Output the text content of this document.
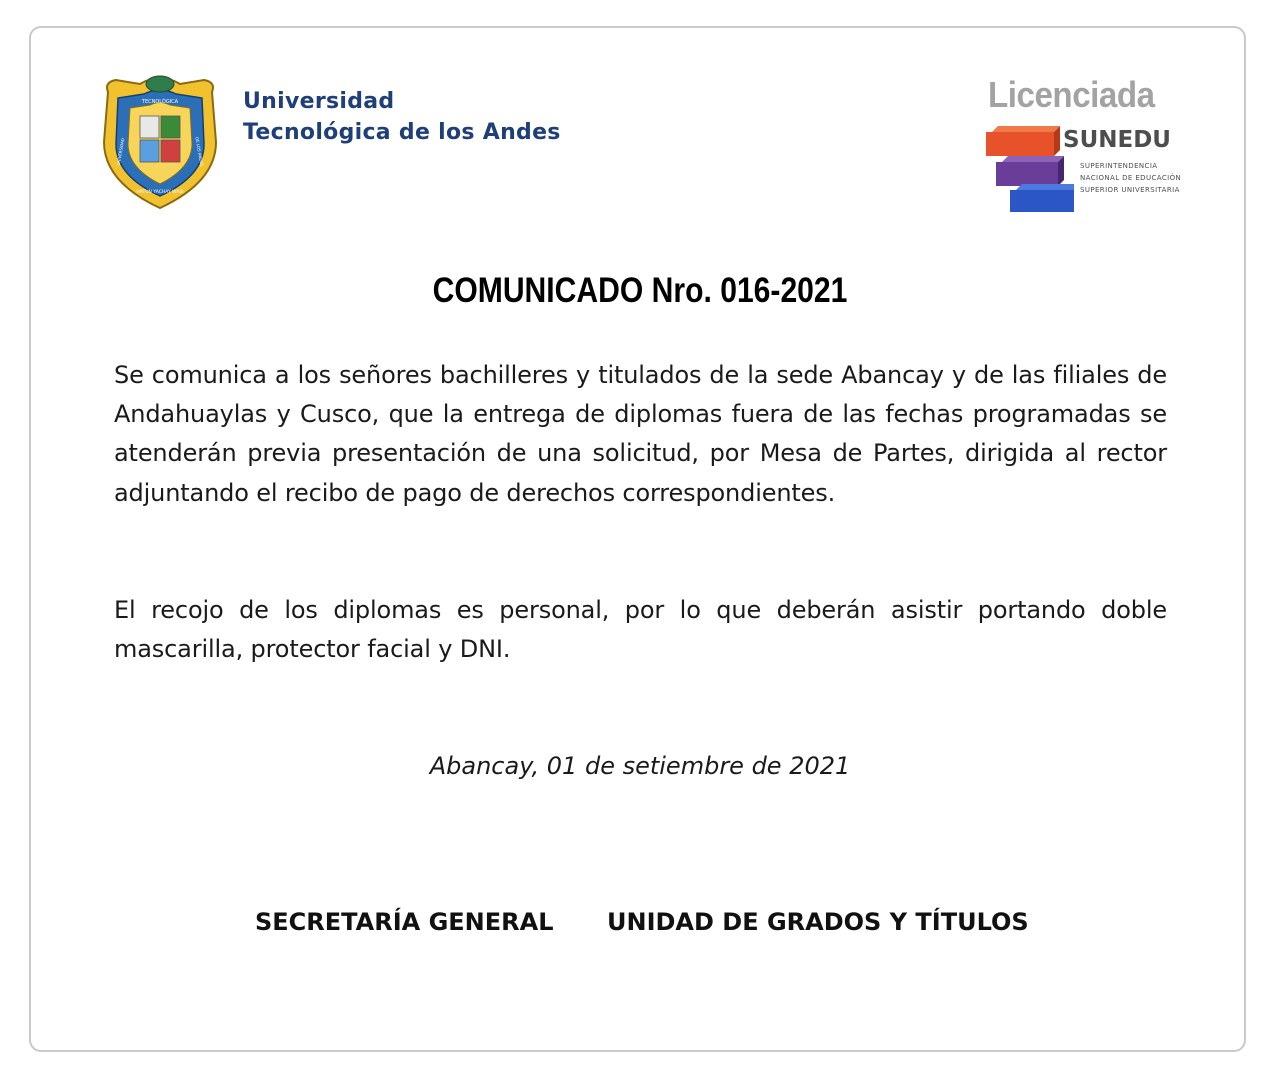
TECNOLÓGICA
UNIVERSIDAD	DE LOS ANDES
HATUN YACHAY WASI
Universidad
Tecnológica de los Andes
Licenciada
SUNEDU
SUPERINTENDENCIA
NACIONAL DE EDUCACIÓN
SUPERIOR UNIVERSITARIA
COMUNICADO Nro. 016-2021
Se comunica a los señores bachilleres y titulados de la sede Abancay y de las filiales de Andahuaylas y Cusco, que la entrega de diplomas fuera de las fechas programadas se atenderán previa presentación de una solicitud, por Mesa de Partes, dirigida al rector adjuntando el recibo de pago de derechos correspondientes.
El recojo de los diplomas es personal, por lo que deberán asistir portando doble mascarilla, protector facial y DNI.
Abancay, 01 de setiembre de 2021
SECRETARÍA GENERAL UNIDAD DE GRADOS Y TÍTULOS
